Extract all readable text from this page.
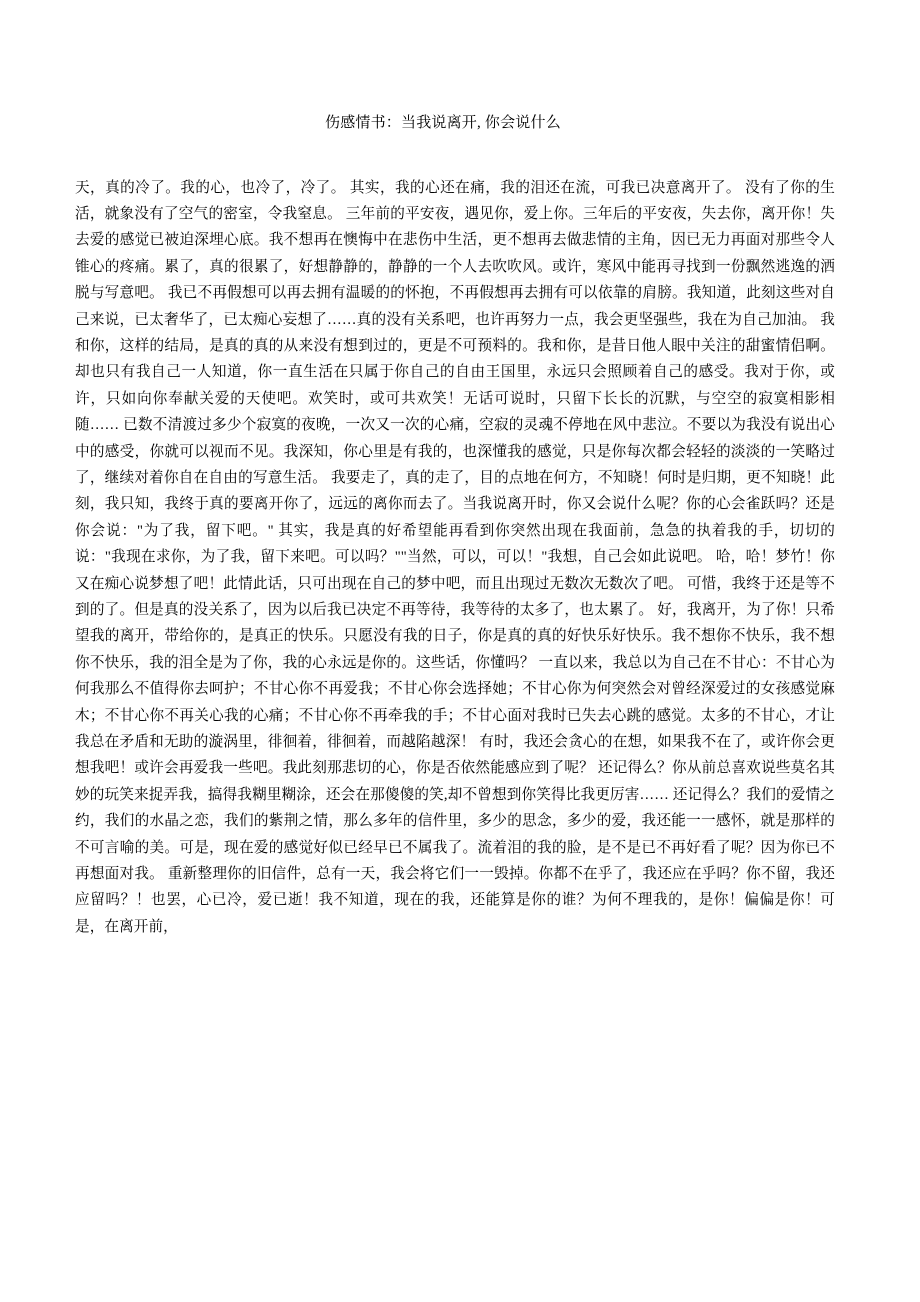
伤感情书：当我说离开, 你会说什么

天，真的冷了。我的心，也冷了，冷了。 其实，我的心还在痛，我的泪还在流，可我已决意离开了。 没有了你的生活，就象没有了空气的密室，令我窒息。 三年前的平安夜，遇见你，爱上你。三年后的平安夜，失去你，离开你！失去爱的感觉已被迫深埋心底。我不想再在懊悔中在悲伤中生活，更不想再去做悲情的主角，因已无力再面对那些令人锥心的疼痛。累了，真的很累了，好想静静的，静静的一个人去吹吹风。或许，寒风中能再寻找到一份飘然逃逸的洒脱与写意吧。 我已不再假想可以再去拥有温暖的的怀抱，不再假想再去拥有可以依靠的肩膀。我知道，此刻这些对自己来说，已太奢华了，已太痴心妄想了……真的没有关系吧，也许再努力一点，我会更坚强些，我在为自己加油。 我和你，这样的结局，是真的真的从来没有想到过的，更是不可预料的。我和你，是昔日他人眼中关注的甜蜜情侣啊。却也只有我自己一人知道，你一直生活在只属于你自己的自由王国里，永远只会照顾着自己的感受。我对于你，或许，只如向你奉献关爱的天使吧。欢笑时，或可共欢笑！无话可说时，只留下长长的沉默，与空空的寂寞相影相随…… 已数不清渡过多少个寂寞的夜晚，一次又一次的心痛，空寂的灵魂不停地在风中悲泣。不要以为我没有说出心中的感受，你就可以视而不见。我深知，你心里是有我的，也深懂我的感觉，只是你每次都会轻轻的淡淡的一笑略过了，继续对着你自在自由的写意生活。 我要走了，真的走了，目的点地在何方，不知晓！何时是归期，更不知晓！此刻，我只知，我终于真的要离开你了，远远的离你而去了。当我说离开时，你又会说什么呢？你的心会雀跃吗？还是你会说："为了我，留下吧。" 其实，我是真的好希望能再看到你突然出现在我面前，急急的执着我的手，切切的说："我现在求你，为了我，留下来吧。可以吗？""当然，可以，可以！"我想，自己会如此说吧。 哈，哈！梦竹！你又在痴心说梦想了吧！此情此话，只可出现在自己的梦中吧，而且出现过无数次无数次了吧。 可惜，我终于还是等不到的了。但是真的没关系了，因为以后我已决定不再等待，我等待的太多了，也太累了。 好，我离开，为了你！只希望我的离开，带给你的，是真正的快乐。只愿没有我的日子，你是真的真的好快乐好快乐。我不想你不快乐，我不想你不快乐，我的泪全是为了你，我的心永远是你的。这些话，你懂吗？ 一直以来，我总以为自己在不甘心：不甘心为何我那么不值得你去呵护；不甘心你不再爱我；不甘心你会选择她；不甘心你为何突然会对曾经深爱过的女孩感觉麻木；不甘心你不再关心我的心痛；不甘心你不再牵我的手；不甘心面对我时已失去心跳的感觉。太多的不甘心，才让我总在矛盾和无助的漩涡里，徘徊着，徘徊着，而越陷越深！ 有时，我还会贪心的在想，如果我不在了，或许你会更想我吧！或许会再爱我一些吧。我此刻那悲切的心，你是否依然能感应到了呢？ 还记得么？你从前总喜欢说些莫名其妙的玩笑来捉弄我，搞得我糊里糊涂，还会在那傻傻的笑,却不曾想到你笑得比我更厉害…… 还记得么？我们的爱情之约，我们的水晶之恋，我们的紫荆之情，那么多年的信件里，多少的思念，多少的爱，我还能一一感怀，就是那样的不可言喻的美。可是，现在爱的感觉好似已经早已不属我了。流着泪的我的脸，是不是已不再好看了呢？因为你已不再想面对我。 重新整理你的旧信件，总有一天，我会将它们一一毁掉。你都不在乎了，我还应在乎吗？你不留，我还应留吗？！也罢，心已冷，爱已逝！我不知道，现在的我，还能算是你的谁？为何不理我的，是你！偏偏是你！可是，在离开前，
